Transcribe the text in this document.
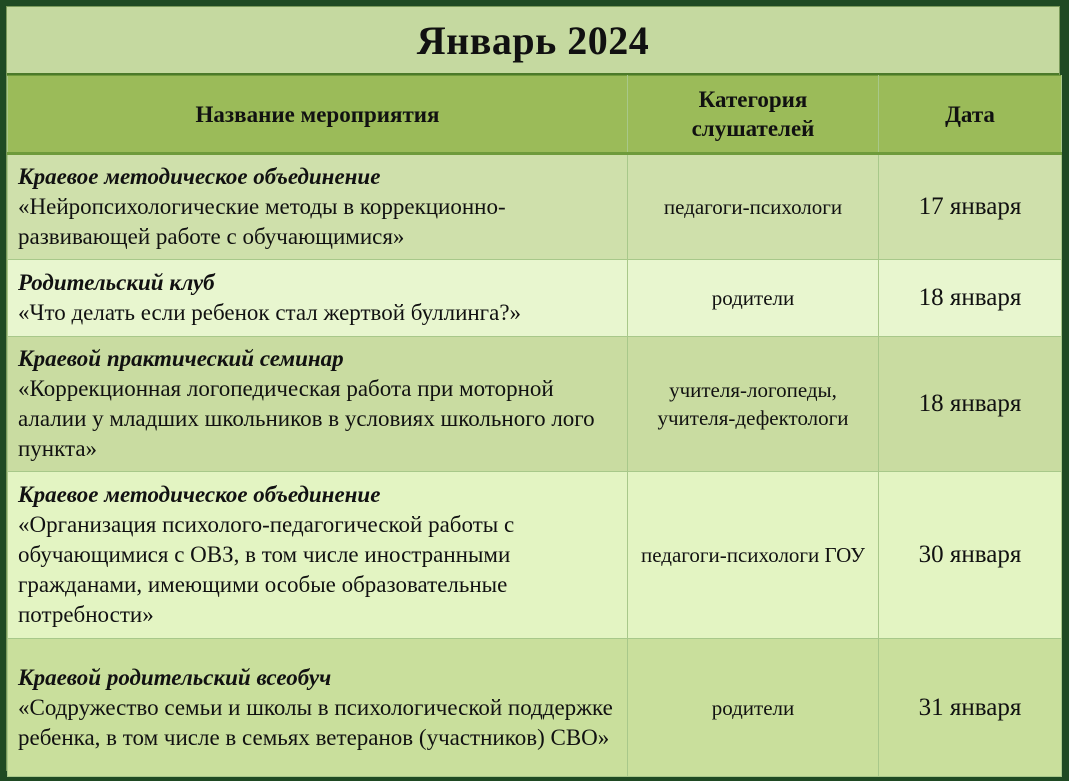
Январь 2024
Название мероприятия	Категория слушателей	Дата

Краевое методическое объединение
«Нейропсихологические методы в коррекционно-развивающей работе с обучающимися»	педагоги-психологи	17 января

Родительский клуб
«Что делать если ребенок стал жертвой буллинга?»	родители	18 января

Краевой практический семинар
«Коррекционная логопедическая работа при моторной алалии у младших школьников в условиях школьного лого пункта»	учителя-логопеды, учителя-дефектологи	18 января

Краевое методическое объединение
«Организация психолого-педагогической работы с обучающимися с ОВЗ, в том числе иностранными гражданами, имеющими особые образовательные потребности»	педагоги-психологи ГОУ	30 января

Краевой родительский всеобуч
«Содружество семьи и школы в психологической поддержке ребенка, в том числе в семьях ветеранов (участников) СВО»	родители	31 января
